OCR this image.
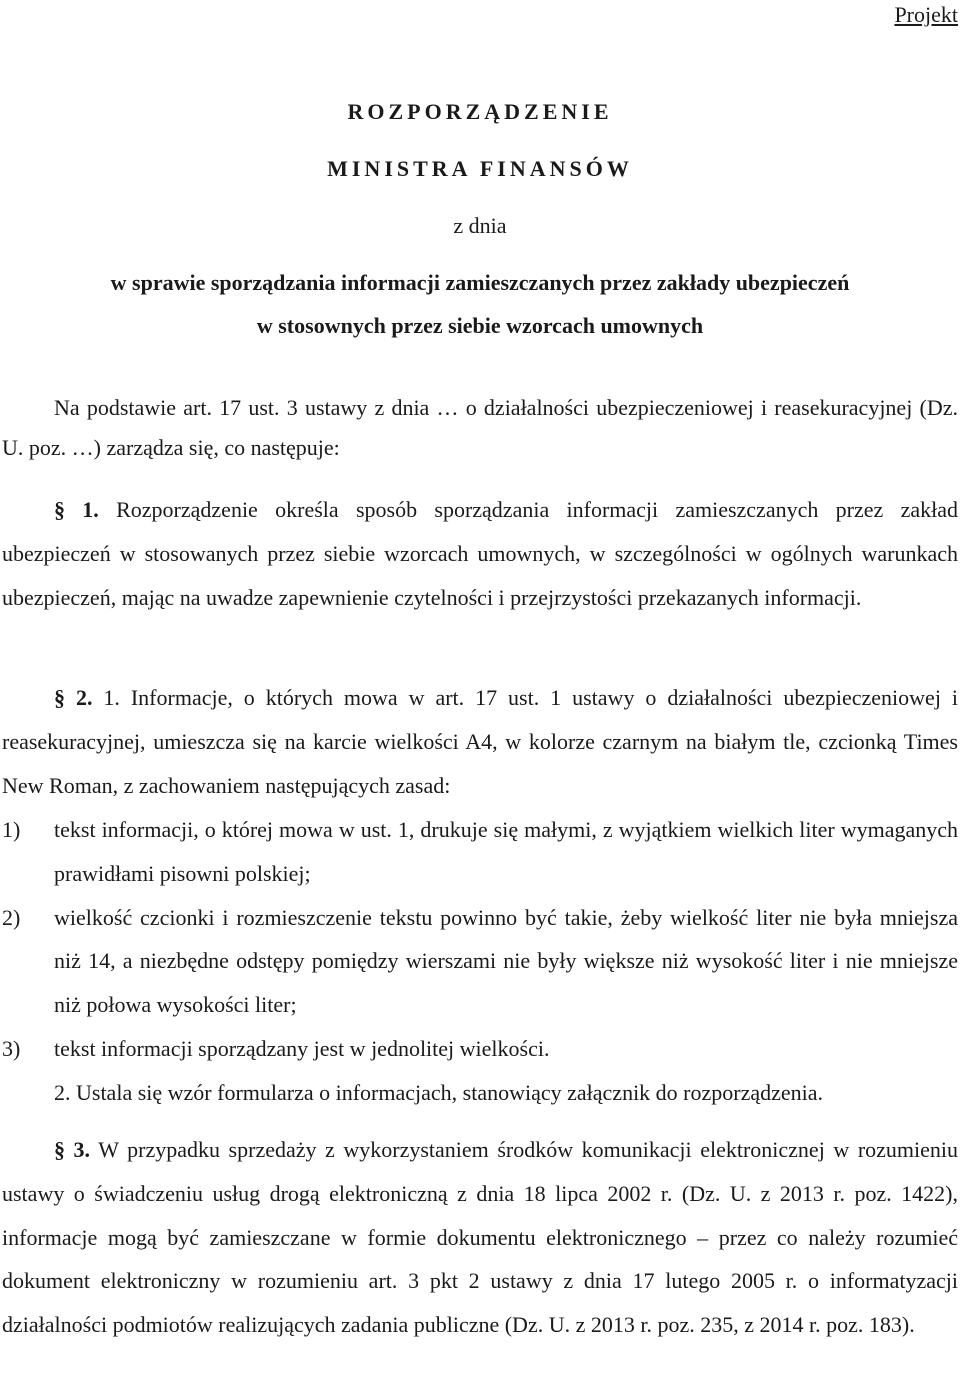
Projekt
ROZPORZĄDZENIE
MINISTRA FINANSÓW
z dnia
w sprawie sporządzania informacji zamieszczanych przez zakłady ubezpieczeń
w stosownych przez siebie wzorcach umownych

Na podstawie art. 17 ust. 3 ustawy z dnia … o działalności ubezpieczeniowej i reasekuracyjnej (Dz. U. poz. …) zarządza się, co następuje:

§ 1. Rozporządzenie określa sposób sporządzania informacji zamieszczanych przez zakład ubezpieczeń w stosowanych przez siebie wzorcach umownych, w szczególności w ogólnych warunkach ubezpieczeń, mając na uwadze zapewnienie czytelności i przejrzystości przekazanych informacji.

§ 2. 1. Informacje, o których mowa w art. 17 ust. 1 ustawy o działalności ubezpieczeniowej i reasekuracyjnej, umieszcza się na karcie wielkości A4, w kolorze czarnym na białym tle, czcionką Times New Roman, z zachowaniem następujących zasad:

1) tekst informacji, o której mowa w ust. 1, drukuje się małymi, z wyjątkiem wielkich liter wymaganych prawidłami pisowni polskiej;
2) wielkość czcionki i rozmieszczenie tekstu powinno być takie, żeby wielkość liter nie była mniejsza niż 14, a niezbędne odstępy pomiędzy wierszami nie były większe niż wysokość liter i nie mniejsze niż połowa wysokości liter;
3) tekst informacji sporządzany jest w jednolitej wielkości.

2. Ustala się wzór formularza o informacjach, stanowiący załącznik do rozporządzenia.

§ 3. W przypadku sprzedaży z wykorzystaniem środków komunikacji elektronicznej w rozumieniu ustawy o świadczeniu usług drogą elektroniczną z dnia 18 lipca 2002 r. (Dz. U. z 2013 r. poz. 1422), informacje mogą być zamieszczane w formie dokumentu elektronicznego – przez co należy rozumieć dokument elektroniczny w rozumieniu art. 3 pkt 2 ustawy z dnia 17 lutego 2005 r. o informatyzacji działalności podmiotów realizujących zadania publiczne (Dz. U. z 2013 r. poz. 235, z 2014 r. poz. 183).
